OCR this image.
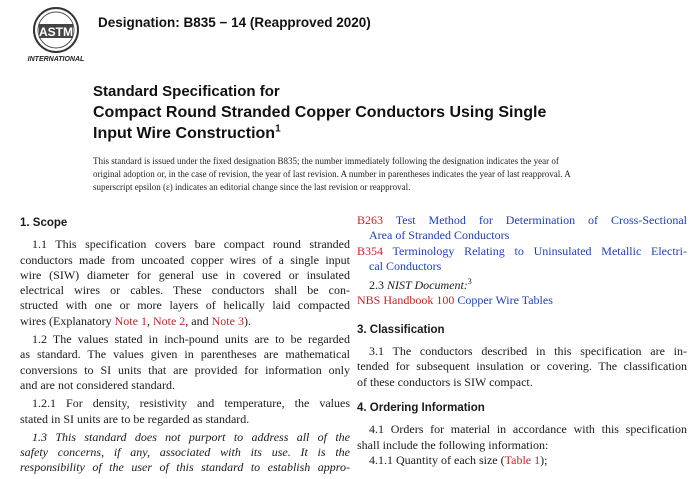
ASTM
INTERNATIONAL
Designation: B835 − 14 (Reapproved 2020)
Standard Specification for
Compact Round Stranded Copper Conductors Using Single
Input Wire Construction$^1$

This standard is issued under the fixed designation B835; the number immediately following the designation indicates the year of

original adoption or, in the case of revision, the year of last revision. A number in parentheses indicates the year of last reapproval. A

superscript epsilon (ε) indicates an editorial change since the last revision or reapproval.

1. Scope

1.1 This specification covers bare compact round stranded

conductors made from uncoated copper wires of a single input

wire (SIW) diameter for general use in covered or insulated

electrical wires or cables. These conductors shall be con-

structed with one or more layers of helically laid compacted

wires (Explanatory Note 1, Note 2, and Note 3).

1.2 The values stated in inch-pound units are to be regarded

as standard. The values given in parentheses are mathematical

conversions to SI units that are provided for information only

and are not considered standard.

1.2.1 For density, resistivity and temperature, the values

stated in SI units are to be regarded as standard.

1.3 This standard does not purport to address all of the

safety concerns, if any, associated with its use. It is the

responsibility of the user of this standard to establish appro-

B263 Test Method for Determination of Cross-Sectional

Area of Stranded Conductors

B354 Terminology Relating to Uninsulated Metallic Electri-

cal Conductors

2.3 NIST Document:$^3$

NBS Handbook 100 Copper Wire Tables

3. Classification

3.1 The conductors described in this specification are in-

tended for subsequent insulation or covering. The classification

of these conductors is SIW compact.

4. Ordering Information

4.1 Orders for material in accordance with this specification

shall include the following information:

4.1.1 Quantity of each size (Table 1);
